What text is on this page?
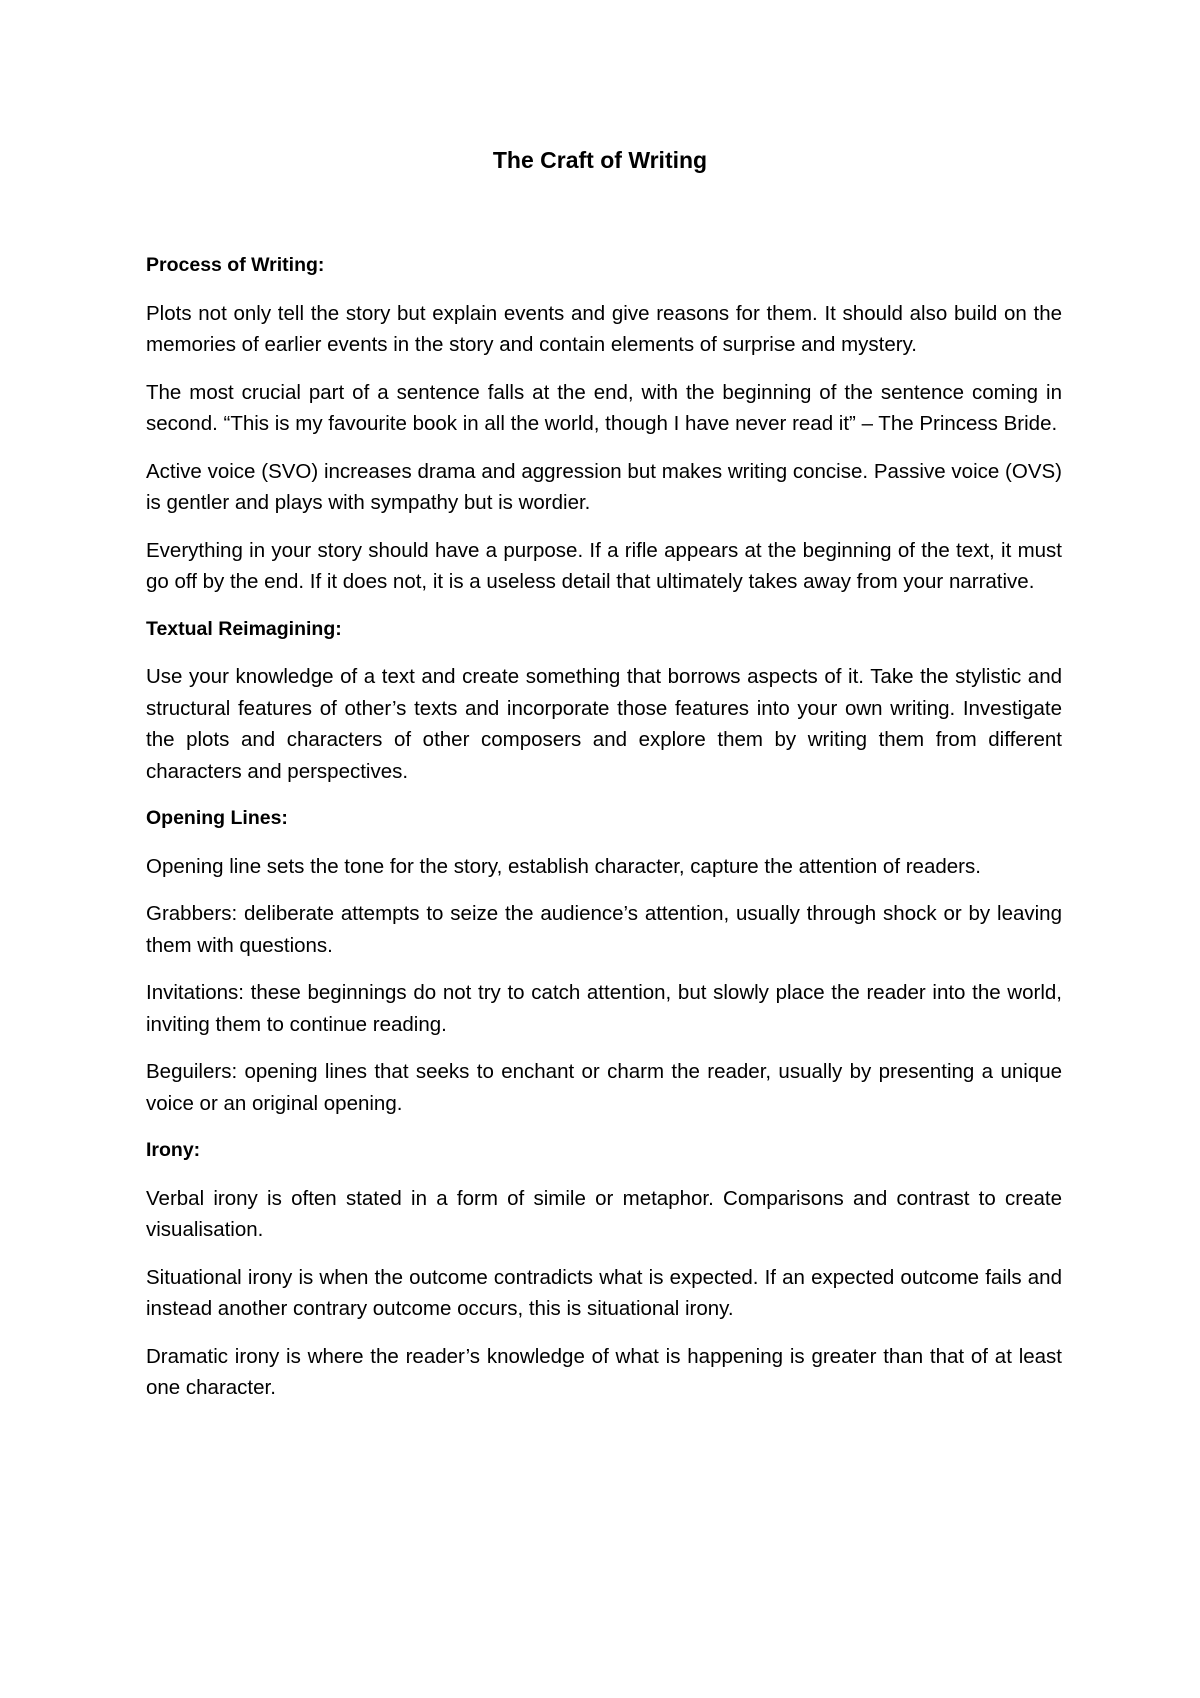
The Craft of Writing

Process of Writing:

Plots not only tell the story but explain events and give reasons for them. It should also build on the memories of earlier events in the story and contain elements of surprise and mystery.

The most crucial part of a sentence falls at the end, with the beginning of the sentence coming in second. “This is my favourite book in all the world, though I have never read it” – The Princess Bride.

Active voice (SVO) increases drama and aggression but makes writing concise. Passive voice (OVS) is gentler and plays with sympathy but is wordier.

Everything in your story should have a purpose. If a rifle appears at the beginning of the text, it must go off by the end. If it does not, it is a useless detail that ultimately takes away from your narrative.

Textual Reimagining:

Use your knowledge of a text and create something that borrows aspects of it. Take the stylistic and structural features of other’s texts and incorporate those features into your own writing. Investigate the plots and characters of other composers and explore them by writing them from different characters and perspectives.

Opening Lines:

Opening line sets the tone for the story, establish character, capture the attention of readers.

Grabbers: deliberate attempts to seize the audience’s attention, usually through shock or by leaving them with questions.

Invitations: these beginnings do not try to catch attention, but slowly place the reader into the world, inviting them to continue reading.

Beguilers: opening lines that seeks to enchant or charm the reader, usually by presenting a unique voice or an original opening.

Irony:

Verbal irony is often stated in a form of simile or metaphor. Comparisons and contrast to create visualisation.

Situational irony is when the outcome contradicts what is expected. If an expected outcome fails and instead another contrary outcome occurs, this is situational irony.

Dramatic irony is where the reader’s knowledge of what is happening is greater than that of at least one character.
